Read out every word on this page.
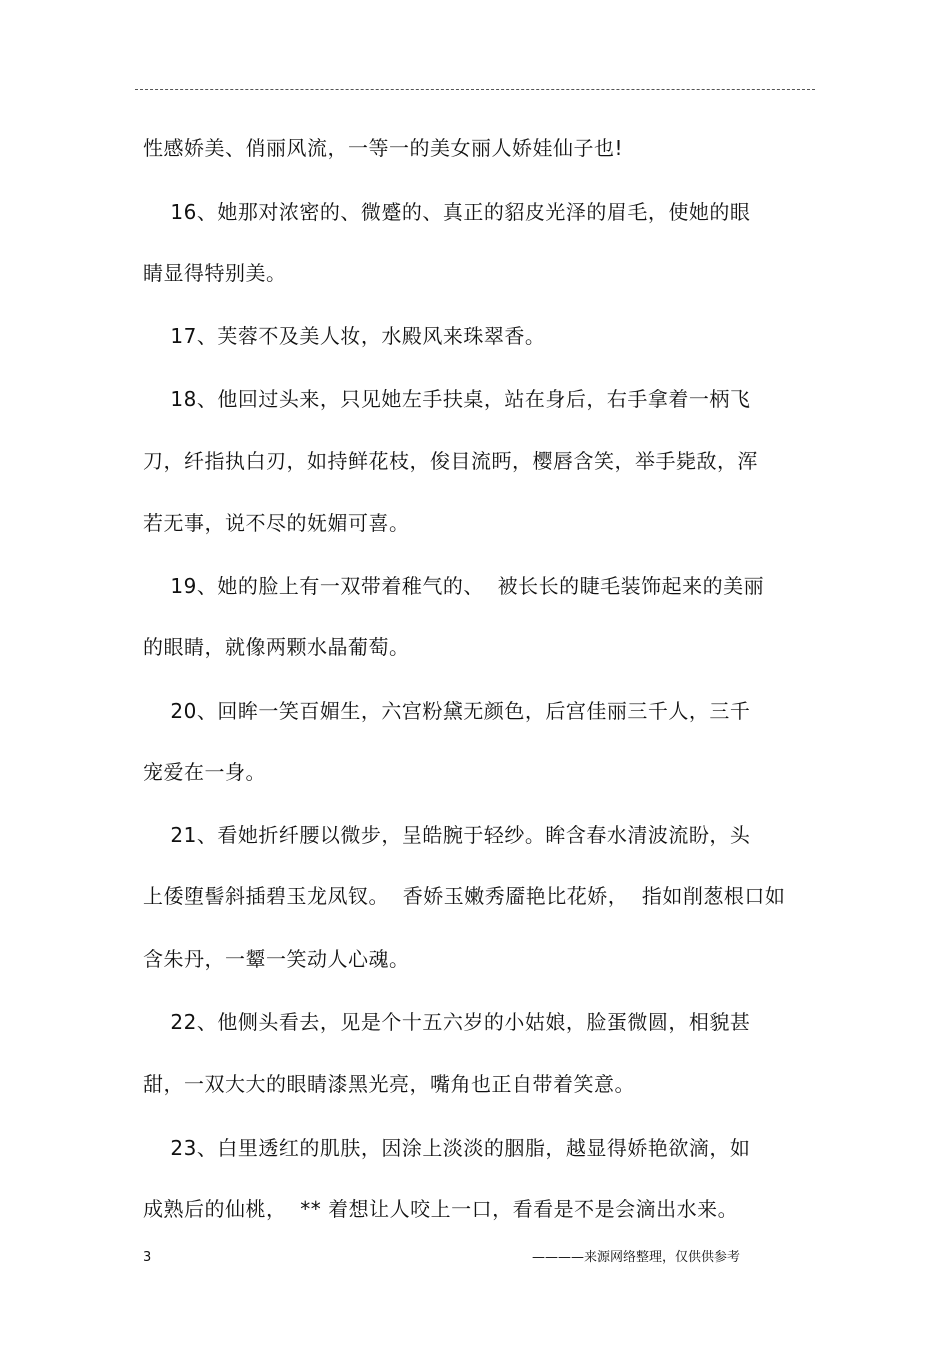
性感娇美、俏丽风流，一等一的美女丽人娇娃仙子也!
16、她那对浓密的、微蹙的、真正的貂皮光泽的眉毛，使她的眼
睛显得特别美。
17、芙蓉不及美人妆，水殿风来珠翠香。
18、他回过头来，只见她左手扶桌，站在身后，右手拿着一柄飞
刀，纤指执白刃，如持鲜花枝，俊目流眄，樱唇含笑，举手毙敌，浑
若无事，说不尽的妩媚可喜。
19、她的脸上有一双带着稚气的、  被长长的睫毛装饰起来的美丽
的眼睛，就像两颗水晶葡萄。
20、回眸一笑百媚生，六宫粉黛无颜色，后宫佳丽三千人，三千
宠爱在一身。
21、看她折纤腰以微步，呈皓腕于轻纱。眸含春水清波流盼，头
上倭堕髻斜插碧玉龙凤钗。  香娇玉嫩秀靥艳比花娇，  指如削葱根口如
含朱丹，一颦一笑动人心魂。
22、他侧头看去，见是个十五六岁的小姑娘，脸蛋微圆，相貌甚
甜，一双大大的眼睛漆黑光亮，嘴角也正自带着笑意。
23、白里透红的肌肤，因涂上淡淡的胭脂，越显得娇艳欲滴，如
成熟后的仙桃，  ** 着想让人咬上一口，看看是不是会滴出水来。
3	————来源网络整理，仅供供参考
